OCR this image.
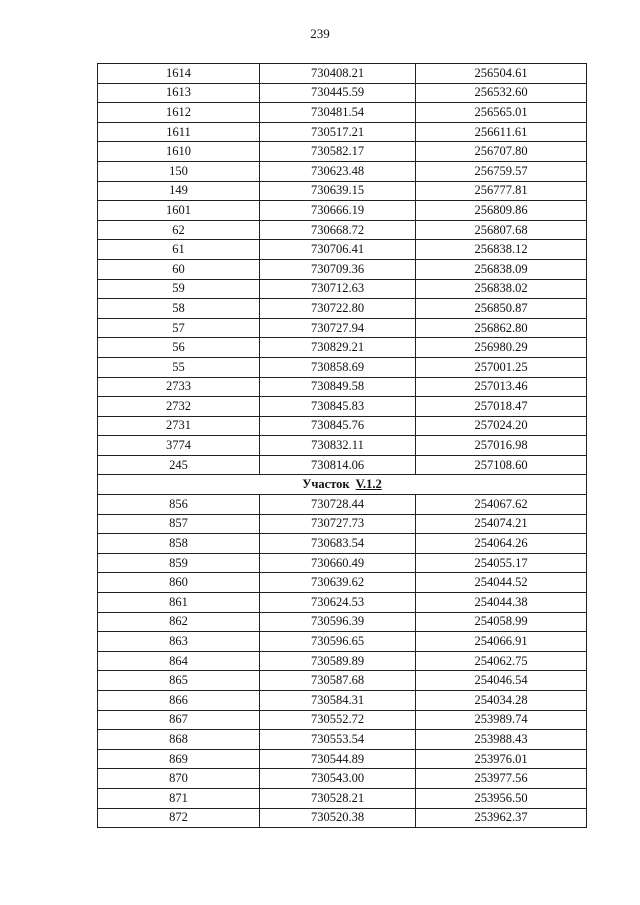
239
1614	730408.21	256504.61
1613	730445.59	256532.60
1612	730481.54	256565.01
1611	730517.21	256611.61
1610	730582.17	256707.80
150	730623.48	256759.57
149	730639.15	256777.81
1601	730666.19	256809.86
62	730668.72	256807.68
61	730706.41	256838.12
60	730709.36	256838.09
59	730712.63	256838.02
58	730722.80	256850.87
57	730727.94	256862.80
56	730829.21	256980.29
55	730858.69	257001.25
2733	730849.58	257013.46
2732	730845.83	257018.47
2731	730845.76	257024.20
3774	730832.11	257016.98
245	730814.06	257108.60
Участок V.1.2		
856	730728.44	254067.62
857	730727.73	254074.21
858	730683.54	254064.26
859	730660.49	254055.17
860	730639.62	254044.52
861	730624.53	254044.38
862	730596.39	254058.99
863	730596.65	254066.91
864	730589.89	254062.75
865	730587.68	254046.54
866	730584.31	254034.28
867	730552.72	253989.74
868	730553.54	253988.43
869	730544.89	253976.01
870	730543.00	253977.56
871	730528.21	253956.50
872	730520.38	253962.37
